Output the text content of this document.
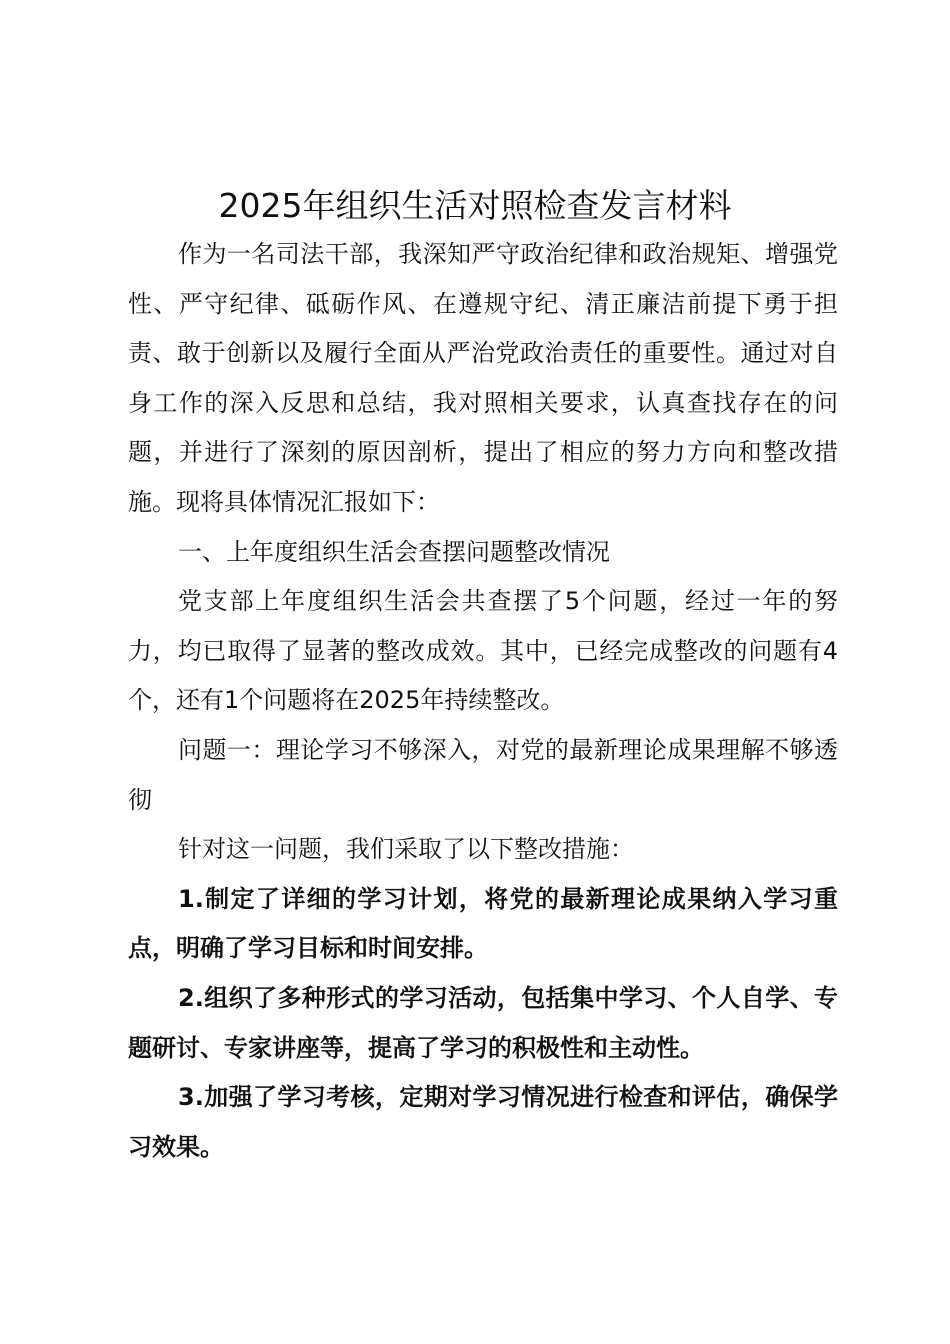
2025年组织生活对照检查发言材料

作为一名司法干部，我深知严守政治纪律和政治规矩、增强党性、严守纪律、砥砺作风、在遵规守纪、清正廉洁前提下勇于担责、敢于创新以及履行全面从严治党政治责任的重要性。通过对自身工作的深入反思和总结，我对照相关要求，认真查找存在的问题，并进行了深刻的原因剖析，提出了相应的努力方向和整改措施。现将具体情况汇报如下：

一、上年度组织生活会查摆问题整改情况

党支部上年度组织生活会共查摆了5个问题，经过一年的努力，均已取得了显著的整改成效。其中，已经完成整改的问题有4个，还有1个问题将在2025年持续整改。

问题一：理论学习不够深入，对党的最新理论成果理解不够透彻

针对这一问题，我们采取了以下整改措施：

1.制定了详细的学习计划，将党的最新理论成果纳入学习重点，明确了学习目标和时间安排。

2.组织了多种形式的学习活动，包括集中学习、个人自学、专题研讨、专家讲座等，提高了学习的积极性和主动性。

3.加强了学习考核，定期对学习情况进行检查和评估，确保学习效果。
